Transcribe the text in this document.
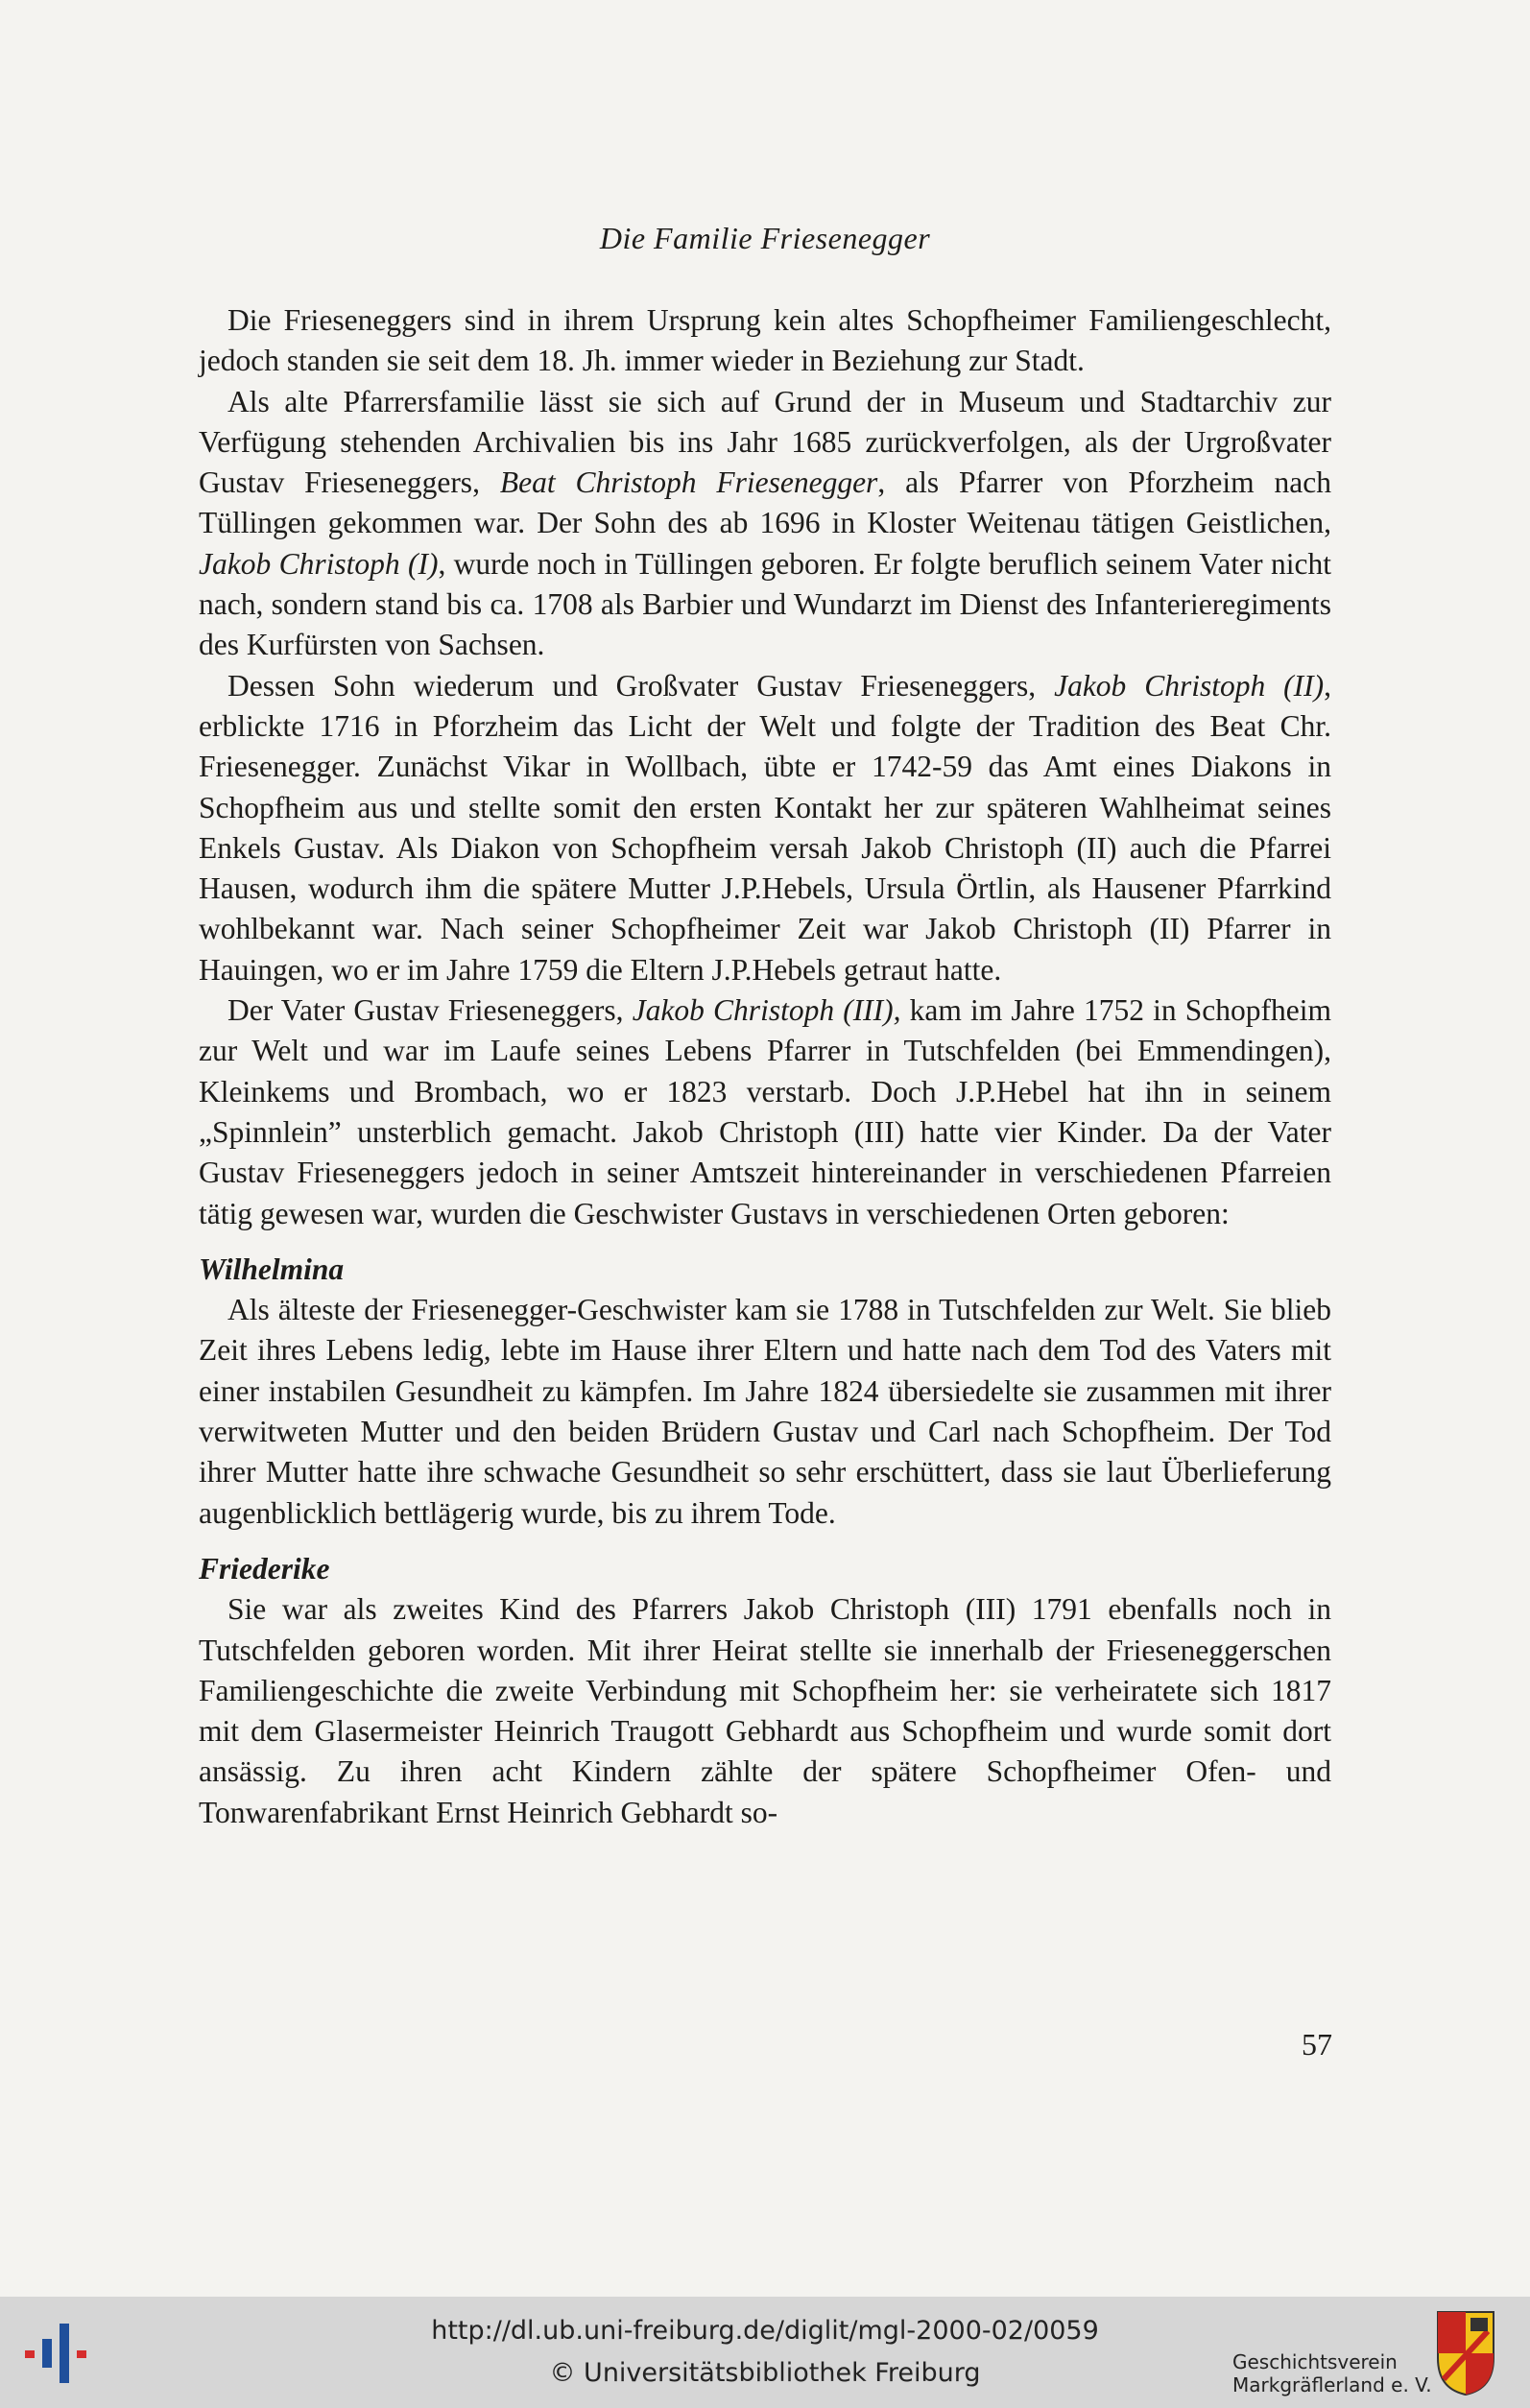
Die Familie Friesenegger

Die Frieseneggers sind in ihrem Ursprung kein altes Schopfheimer Familiengeschlecht, jedoch standen sie seit dem 18. Jh. immer wieder in Beziehung zur Stadt.

Als alte Pfarrersfamilie lässt sie sich auf Grund der in Museum und Stadtarchiv zur Verfügung stehenden Archivalien bis ins Jahr 1685 zurückverfolgen, als der Urgroßvater Gustav Frieseneggers, Beat Christoph Friesenegger, als Pfarrer von Pforzheim nach Tüllingen gekommen war. Der Sohn des ab 1696 in Kloster Weitenau tätigen Geistlichen, Jakob Christoph (I), wurde noch in Tüllingen geboren. Er folgte beruflich seinem Vater nicht nach, sondern stand bis ca. 1708 als Barbier und Wundarzt im Dienst des Infanterieregiments des Kurfürsten von Sachsen.

Dessen Sohn wiederum und Großvater Gustav Frieseneggers, Jakob Christoph (II), erblickte 1716 in Pforzheim das Licht der Welt und folgte der Tradition des Beat Chr. Friesenegger. Zunächst Vikar in Wollbach, übte er 1742-59 das Amt eines Diakons in Schopfheim aus und stellte somit den ersten Kontakt her zur späteren Wahlheimat seines Enkels Gustav. Als Diakon von Schopfheim versah Jakob Christoph (II) auch die Pfarrei Hausen, wodurch ihm die spätere Mutter J.P.Hebels, Ursula Örtlin, als Hausener Pfarrkind wohlbekannt war. Nach seiner Schopfheimer Zeit war Jakob Christoph (II) Pfarrer in Hauingen, wo er im Jahre 1759 die Eltern J.P.Hebels getraut hatte.

Der Vater Gustav Frieseneggers, Jakob Christoph (III), kam im Jahre 1752 in Schopfheim zur Welt und war im Laufe seines Lebens Pfarrer in Tutschfelden (bei Emmendingen), Kleinkems und Brombach, wo er 1823 verstarb. Doch J.P.Hebel hat ihn in seinem „Spinnlein” unsterblich gemacht. Jakob Christoph (III) hatte vier Kinder. Da der Vater Gustav Frieseneggers jedoch in seiner Amtszeit hintereinander in verschiedenen Pfarreien tätig gewesen war, wurden die Geschwister Gustavs in verschiedenen Orten geboren:

Wilhelmina

Als älteste der Friesenegger-Geschwister kam sie 1788 in Tutschfelden zur Welt. Sie blieb Zeit ihres Lebens ledig, lebte im Hause ihrer Eltern und hatte nach dem Tod des Vaters mit einer instabilen Gesundheit zu kämpfen. Im Jahre 1824 übersiedelte sie zusammen mit ihrer verwitweten Mutter und den beiden Brüdern Gustav und Carl nach Schopfheim. Der Tod ihrer Mutter hatte ihre schwache Gesundheit so sehr erschüttert, dass sie laut Überlieferung augenblicklich bettlägerig wurde, bis zu ihrem Tode.

Friederike

Sie war als zweites Kind des Pfarrers Jakob Christoph (III) 1791 ebenfalls noch in Tutschfelden geboren worden. Mit ihrer Heirat stellte sie innerhalb der Frieseneggerschen Familiengeschichte die zweite Verbindung mit Schopfheim her: sie verheiratete sich 1817 mit dem Glasermeister Heinrich Traugott Gebhardt aus Schopfheim und wurde somit dort ansässig. Zu ihren acht Kindern zählte der spätere Schopfheimer Ofen- und Tonwarenfabrikant Ernst Heinrich Gebhardt so-

57
http://dl.ub.uni-freiburg.de/diglit/mgl-2000-02/0059
© Universitätsbibliothek Freiburg	Geschichtsverein
Markgräflerland e. V.
